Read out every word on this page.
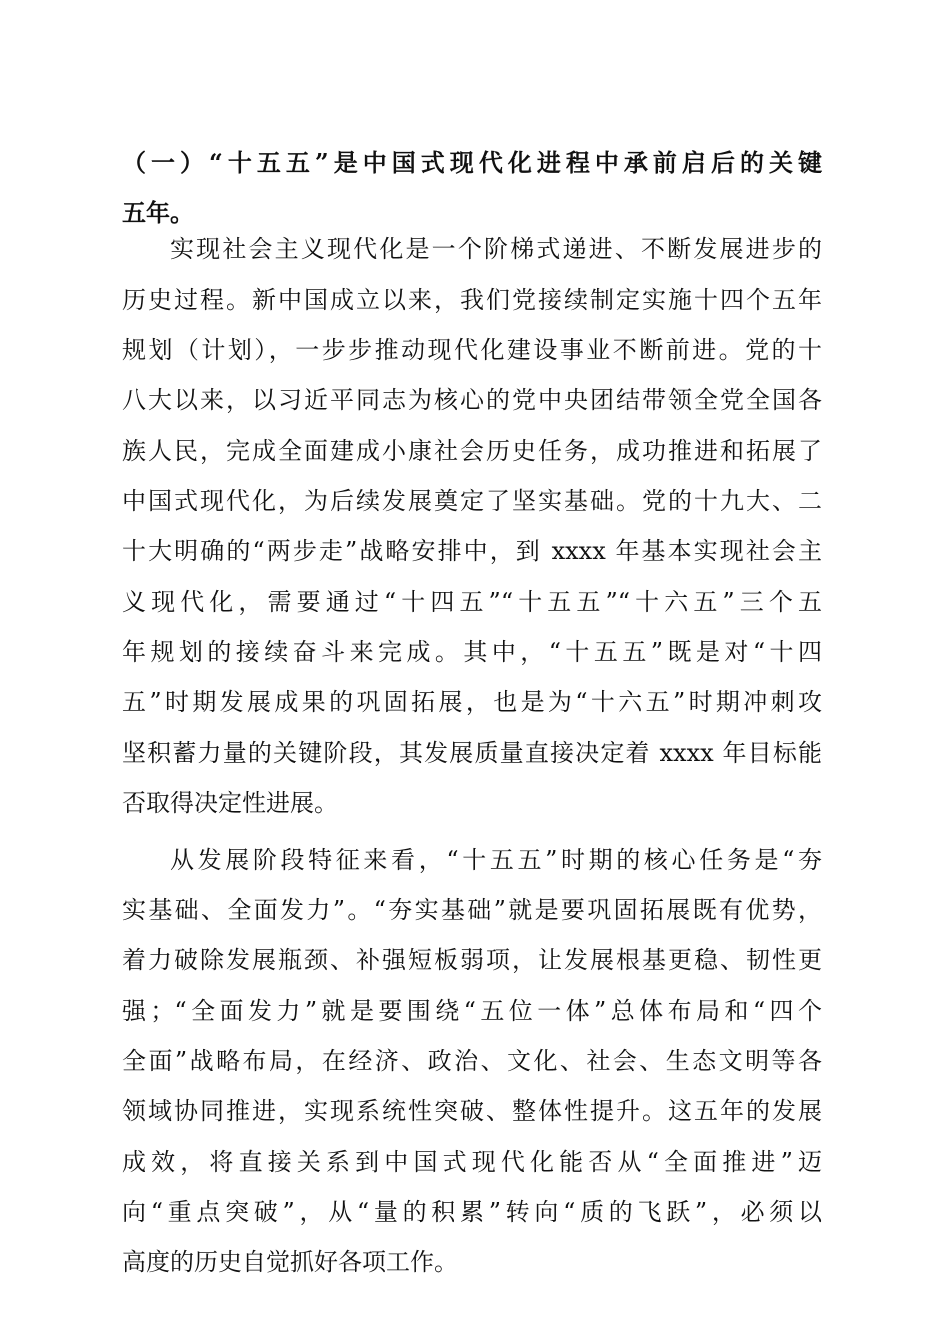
（一）“十五五”是中国式现代化进程中承前启后的关键
五年。
实现社会主义现代化是一个阶梯式递进、不断发展进步的
历史过程。新中国成立以来，我们党接续制定实施十四个五年
规划（计划），一步步推动现代化建设事业不断前进。党的十
八大以来，以习近平同志为核心的党中央团结带领全党全国各
族人民，完成全面建成小康社会历史任务，成功推进和拓展了
中国式现代化，为后续发展奠定了坚实基础。党的十九大、二
十大明确的“两步走”战略安排中，到 xxxx 年基本实现社会主
义现代化，需要通过“十四五”“十五五”“十六五”三个五
年规划的接续奋斗来完成。其中，“十五五”既是对“十四
五”时期发展成果的巩固拓展，也是为“十六五”时期冲刺攻
坚积蓄力量的关键阶段，其发展质量直接决定着 xxxx 年目标能
否取得决定性进展。
从发展阶段特征来看，“十五五”时期的核心任务是“夯
实基础、全面发力”。“夯实基础”就是要巩固拓展既有优势，
着力破除发展瓶颈、补强短板弱项，让发展根基更稳、韧性更
强；“全面发力”就是要围绕“五位一体”总体布局和“四个
全面”战略布局，在经济、政治、文化、社会、生态文明等各
领域协同推进，实现系统性突破、整体性提升。这五年的发展
成效，将直接关系到中国式现代化能否从“全面推进”迈
向“重点突破”，从“量的积累”转向“质的飞跃”，必须以
高度的历史自觉抓好各项工作。
